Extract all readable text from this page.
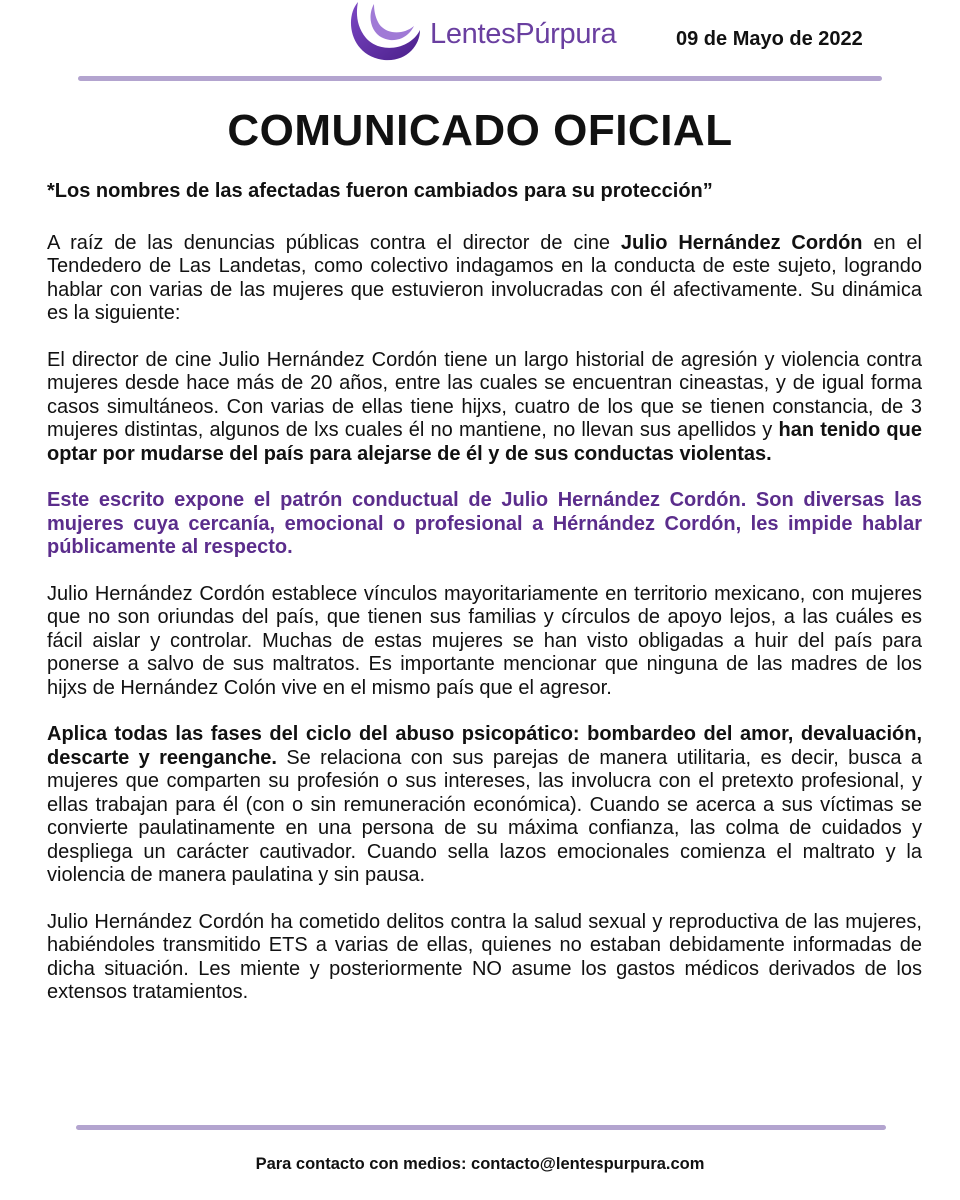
LentesPúrpura	09 de Mayo de 2022
COMUNICADO OFICIAL

*Los nombres de las afectadas fueron cambiados para su protección”

A raíz de las denuncias públicas contra el director de cine Julio Hernández Cordón en el Tendedero de Las Landetas, como colectivo indagamos en la conducta de este sujeto, logrando hablar con varias de las mujeres que estuvieron involucradas con él afectivamente. Su dinámica es la siguiente:

El director de cine Julio Hernández Cordón tiene un largo historial de agresión y violencia contra mujeres desde hace más de 20 años, entre las cuales se encuentran cineastas, y de igual forma casos simultáneos. Con varias de ellas tiene hijxs, cuatro de los que se tienen constancia, de 3 mujeres distintas, algunos de lxs cuales él no mantiene, no llevan sus apellidos y han tenido que optar por mudarse del país para alejarse de él y de sus conductas violentas.

Este escrito expone el patrón conductual de Julio Hernández Cordón. Son diversas las mujeres cuya cercanía, emocional o profesional a Hérnández Cordón, les impide hablar públicamente al respecto.

Julio Hernández Cordón establece vínculos mayoritariamente en territorio mexicano, con mujeres que no son oriundas del país, que tienen sus familias y círculos de apoyo lejos, a las cuáles es fácil aislar y controlar. Muchas de estas mujeres se han visto obligadas a huir del país para ponerse a salvo de sus maltratos. Es importante mencionar que ninguna de las madres de los hijxs de Hernández Colón vive en el mismo país que el agresor.

Aplica todas las fases del ciclo del abuso psicopático: bombardeo del amor, devaluación, descarte y reenganche. Se relaciona con sus parejas de manera utilitaria, es decir, busca a mujeres que comparten su profesión o sus intereses, las involucra con el pretexto profesional, y ellas trabajan para él (con o sin remuneración económica). Cuando se acerca a sus víctimas se convierte paulatinamente en una persona de su máxima confianza, las colma de cuidados y despliega un carácter cautivador. Cuando sella lazos emocionales comienza el maltrato y la violencia de manera paulatina y sin pausa.

Julio Hernández Cordón ha cometido delitos contra la salud sexual y reproductiva de las mujeres, habiéndoles transmitido ETS a varias de ellas, quienes no estaban debidamente informadas de dicha situación. Les miente y posteriormente NO asume los gastos médicos derivados de los extensos tratamientos.

Para contacto con medios: contacto@lentespurpura.com
